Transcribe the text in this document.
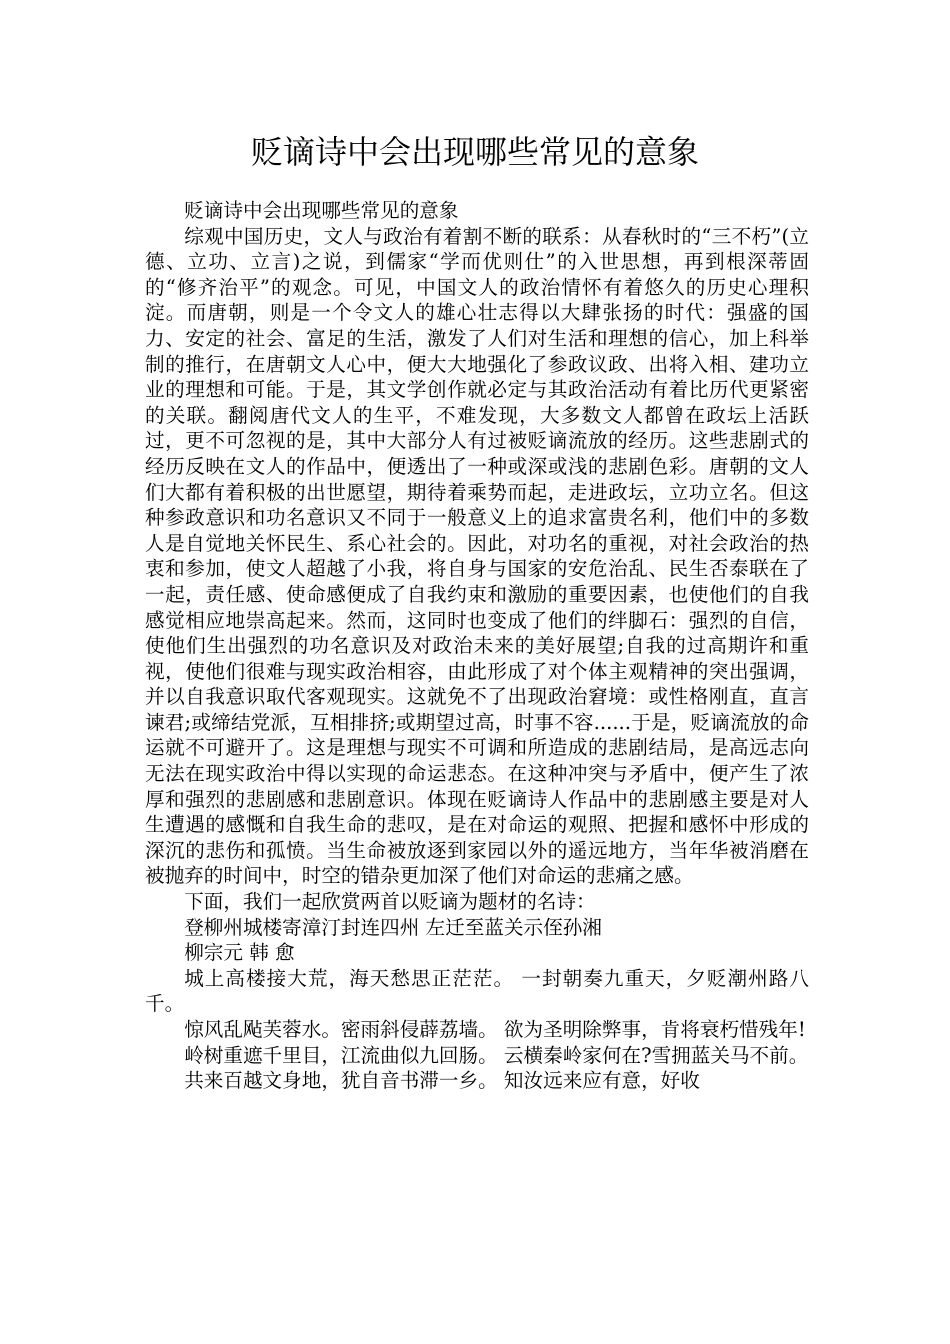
贬谪诗中会出现哪些常见的意象

贬谪诗中会出现哪些常见的意象

综观中国历史，文人与政治有着割不断的联系：从春秋时的“三不朽”(立德、立功、立言)之说，到儒家“学而优则仕”的入世思想，再到根深蒂固的“修齐治平”的观念。可见，中国文人的政治情怀有着悠久的历史心理积淀。而唐朝，则是一个令文人的雄心壮志得以大肆张扬的时代：强盛的国力、安定的社会、富足的生活，激发了人们对生活和理想的信心，加上科举制的推行，在唐朝文人心中，便大大地强化了参政议政、出将入相、建功立业的理想和可能。于是，其文学创作就必定与其政治活动有着比历代更紧密的关联。翻阅唐代文人的生平，不难发现，大多数文人都曾在政坛上活跃过，更不可忽视的是，其中大部分人有过被贬谪流放的经历。这些悲剧式的经历反映在文人的作品中，便透出了一种或深或浅的悲剧色彩。唐朝的文人们大都有着积极的出世愿望，期待着乘势而起，走进政坛，立功立名。但这种参政意识和功名意识又不同于一般意义上的追求富贵名利，他们中的多数人是自觉地关怀民生、系心社会的。因此，对功名的重视，对社会政治的热衷和参加，使文人超越了小我，将自身与国家的安危治乱、民生否泰联在了一起，责任感、使命感便成了自我约束和激励的重要因素，也使他们的自我感觉相应地崇高起来。然而，这同时也变成了他们的绊脚石：强烈的自信，使他们生出强烈的功名意识及对政治未来的美好展望;自我的过高期许和重视，使他们很难与现实政治相容，由此形成了对个体主观精神的突出强调，并以自我意识取代客观现实。这就免不了出现政治窘境：或性格刚直，直言谏君;或缔结党派，互相排挤;或期望过高，时事不容......于是，贬谪流放的命运就不可避开了。这是理想与现实不可调和所造成的悲剧结局，是高远志向无法在现实政治中得以实现的命运悲态。在这种冲突与矛盾中，便产生了浓厚和强烈的悲剧感和悲剧意识。体现在贬谪诗人作品中的悲剧感主要是对人生遭遇的感慨和自我生命的悲叹，是在对命运的观照、把握和感怀中形成的深沉的悲伤和孤愤。当生命被放逐到家园以外的遥远地方，当年华被消磨在被抛弃的时间中，时空的错杂更加深了他们对命运的悲痛之感。

下面，我们一起欣赏两首以贬谪为题材的名诗：

登柳州城楼寄漳汀封连四州 左迁至蓝关示侄孙湘

柳宗元 韩 愈

城上高楼接大荒，海天愁思正茫茫。 一封朝奏九重天，夕贬潮州路八千。

惊风乱飐芙蓉水。密雨斜侵薜荔墙。 欲为圣明除弊事，肯将衰朽惜残年!

岭树重遮千里目，江流曲似九回肠。 云横秦岭家何在?雪拥蓝关马不前。

共来百越文身地，犹自音书滞一乡。 知汝远来应有意，好收
